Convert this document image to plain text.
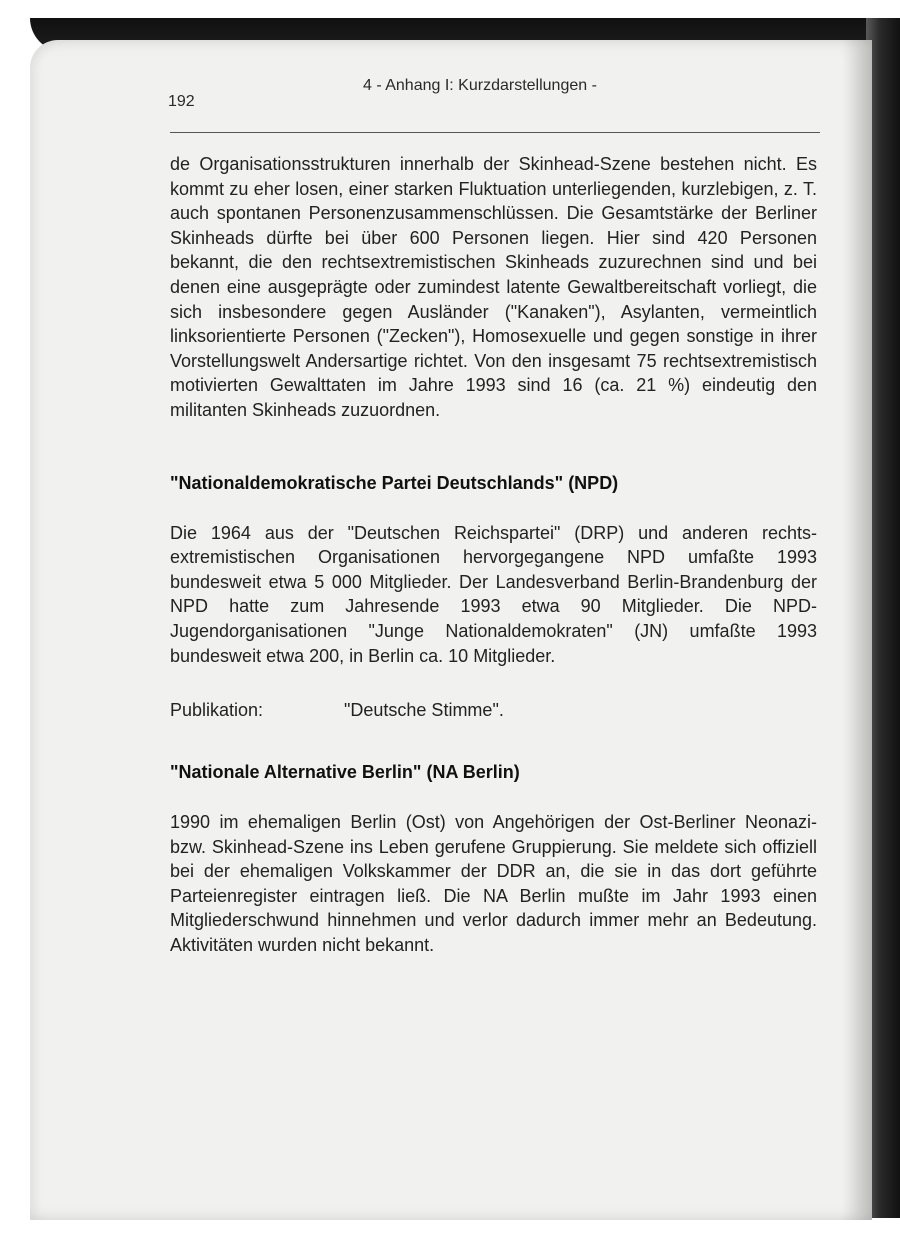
4 - Anhang I: Kurzdarstellungen -
192

de Organisationsstrukturen innerhalb der Skinhead-Szene bestehen nicht. Es kommt zu eher losen, einer starken Fluktuation unterliegenden, kurzlebigen, z. T. auch spontanen Personenzusammenschlüssen. Die Gesamtstärke der Berliner Skinheads dürfte bei über 600 Personen liegen. Hier sind 420 Personen bekannt, die den rechtsextremistischen Skinheads zuzurechnen sind und bei denen eine ausgeprägte oder zumindest latente Gewaltbereitschaft vorliegt, die sich insbesondere gegen Ausländer ("Kanaken"), Asylanten, vermeintlich linksorientierte Personen ("Zecken"), Homosexuelle und gegen sonstige in ihrer Vorstellungswelt Andersartige richtet. Von den insgesamt 75 rechtsextremistisch motivierten Gewalttaten im Jahre 1993 sind 16 (ca. 21 %) eindeutig den militanten Skinheads zuzuordnen.

"Nationaldemokratische Partei Deutschlands" (NPD)

Die 1964 aus der "Deutschen Reichspartei" (DRP) und anderen rechtsextremistischen Organisationen hervorgegangene NPD umfaßte 1993 bundesweit etwa 5 000 Mitglieder. Der Landesverband Berlin-Brandenburg der NPD hatte zum Jahresende 1993 etwa 90 Mitglieder. Die NPD-Jugendorganisationen "Junge Nationaldemokraten" (JN) umfaßte 1993 bundesweit etwa 200, in Berlin ca. 10 Mitglieder.

Publikation:	"Deutsche Stimme".

"Nationale Alternative Berlin" (NA Berlin)

1990 im ehemaligen Berlin (Ost) von Angehörigen der Ost-Berliner Neonazi- bzw. Skinhead-Szene ins Leben gerufene Gruppierung. Sie meldete sich offiziell bei der ehemaligen Volkskammer der DDR an, die sie in das dort geführte Parteienregister eintragen ließ. Die NA Berlin mußte im Jahr 1993 einen Mitgliederschwund hinnehmen und verlor dadurch immer mehr an Bedeutung. Aktivitäten wurden nicht bekannt.
